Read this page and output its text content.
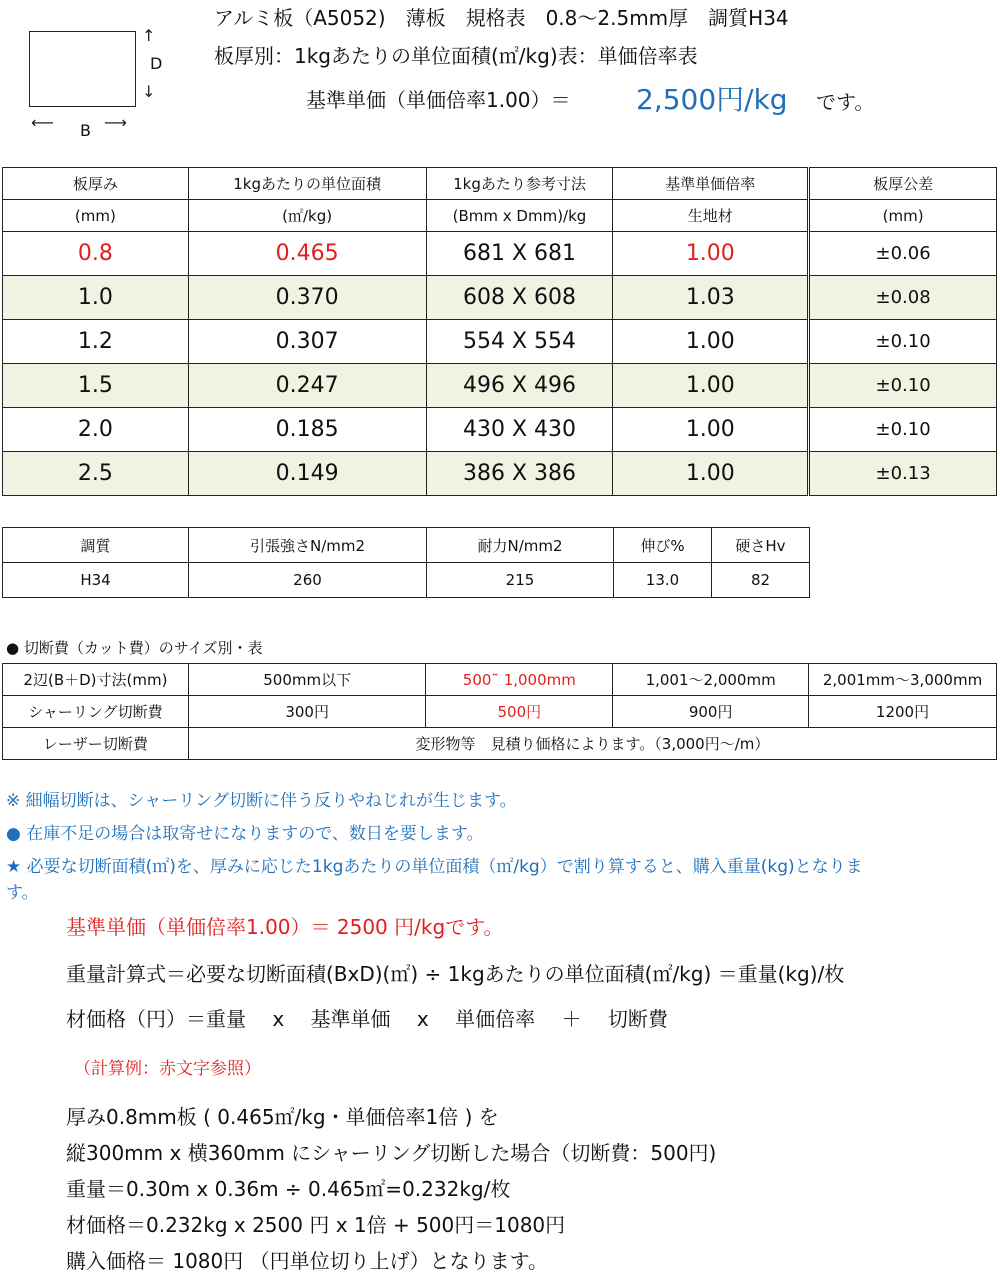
↑
D
↓
⟵ B ⟶
アルミ板（A5052)　薄板　規格表　0.8〜2.5mm厚　調質H34
板厚別：1kgあたりの単位面積(㎡/kg)表：単価倍率表
基準単価（単価倍率1.00）＝ 2,500円/kg です。
板厚み	1kgあたりの単位面積	1kgあたり参考寸法	基準単価倍率	板厚公差
(mm)	(㎡/kg)	(Bmm x Dmm)/kg	生地材	(mm)
0.8	0.465	681 X 681	1.00	±0.06
1.0	0.370	608 X 608	1.03	±0.08
1.2	0.307	554 X 554	1.00	±0.10
1.5	0.247	496 X 496	1.00	±0.10
2.0	0.185	430 X 430	1.00	±0.10
2.5	0.149	386 X 386	1.00	±0.13
調質	引張強さN/mm2	耐力N/mm2	伸び%	硬さHv
H34	260	215	13.0	82
● 切断費（カット費）のサイズ別・表
2辺(B＋D)寸法(mm)	500mm以下	500˜ 1,000mm	1,001〜2,000mm	2,001mm〜3,000mm
シャーリング切断費	300円	500円	900円	1200円
レーザー切断費	変形物等　見積り価格によります。（3,000円〜/m）			
※ 細幅切断は、シャーリング切断に伴う反りやねじれが生じます。
● 在庫不足の場合は取寄せになりますので、数日を要します。
★ 必要な切断面積(㎡)を、厚みに応じた1kgあたりの単位面積（㎡/kg）で割り算すると、購入重量(kg)となりま
す。
基準単価（単価倍率1.00）＝ 2500 円/kgです。
重量計算式＝必要な切断面積(BxD)(㎡) ÷ 1kgあたりの単位面積(㎡/kg) ＝重量(kg)/枚
材価格（円）＝重量　 x　 基準単価　 x　 単価倍率　 ＋　 切断費
（計算例：赤文字参照）
厚み0.8mm板 ( 0.465㎡/kg・単価倍率1倍 ) を
縦300mm x 横360mm にシャーリング切断した場合（切断費：500円)
重量＝0.30m x 0.36m ÷ 0.465㎡=0.232kg/枚
材価格＝0.232kg x 2500 円 x 1倍 + 500円＝1080円
購入価格＝ 1080円 （円単位切り上げ）となります。
